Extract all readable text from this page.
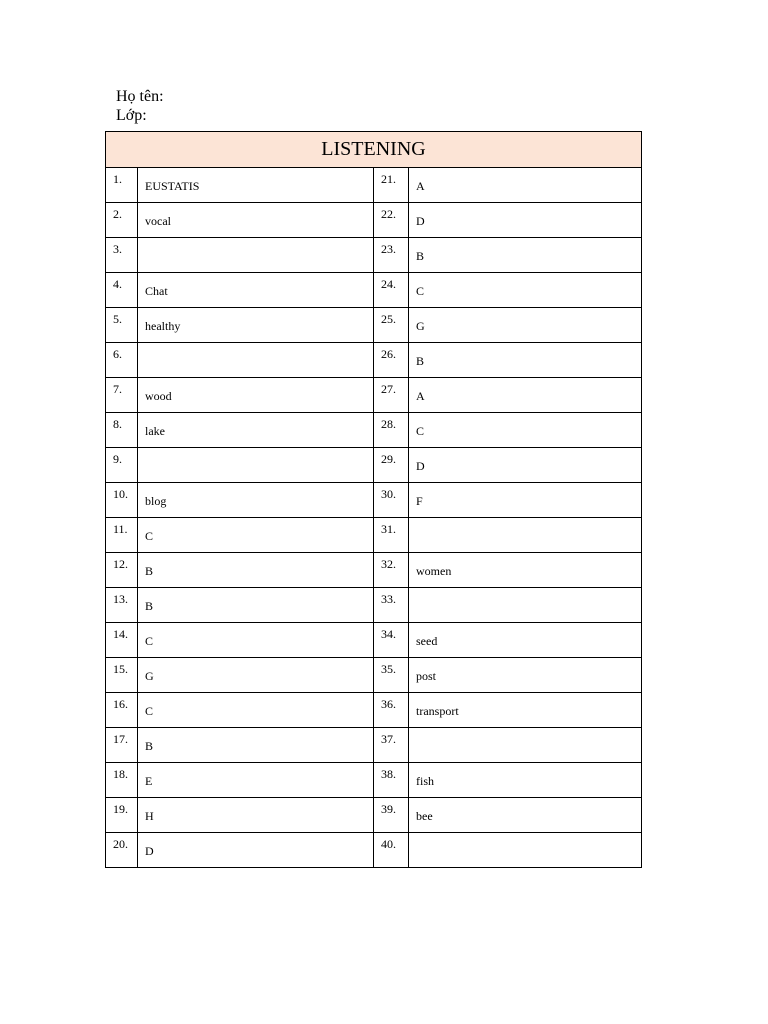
Họ tên:
Lớp:
LISTENING			
1.	EUSTATIS	21.	A
2.	vocal	22.	D
3.		23.	B
4.	Chat	24.	C
5.	healthy	25.	G
6.		26.	B
7.	wood	27.	A
8.	lake	28.	C
9.		29.	D
10.	blog	30.	F
11.	C	31.	
12.	B	32.	women
13.	B	33.	
14.	C	34.	seed
15.	G	35.	post
16.	C	36.	transport
17.	B	37.	
18.	E	38.	fish
19.	H	39.	bee
20.	D	40.	
